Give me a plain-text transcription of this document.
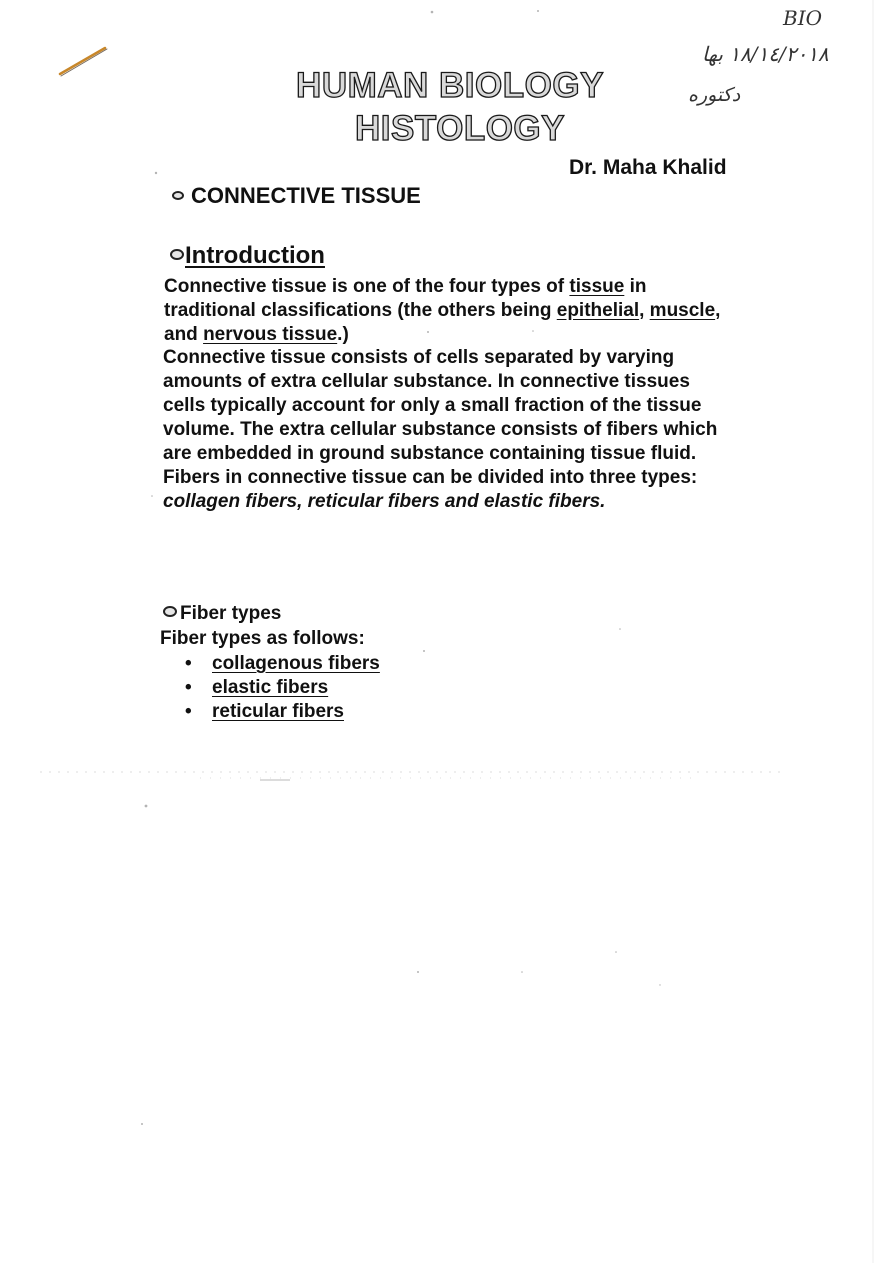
BIO
١٨/١٤/٢٠١٨ بها
دكتوره
HUMAN BIOLOGY
HISTOLOGY
Dr. Maha Khalid
CONNECTIVE TISSUE
Introduction
Connective tissue is one of the four types of tissue in
traditional classifications (the others being epithelial, muscle,
and nervous tissue.)
Connective tissue consists of cells separated by varying
amounts of extra cellular substance. In connective tissues
cells typically account for only a small fraction of the tissue
volume. The extra cellular substance consists of fibers which
are embedded in ground substance containing tissue fluid.
Fibers in connective tissue can be divided into three types:
collagen fibers, reticular fibers and elastic fibers.
Fiber types
Fiber types as follows:
• collagenous fibers
• elastic fibers
• reticular fibers
